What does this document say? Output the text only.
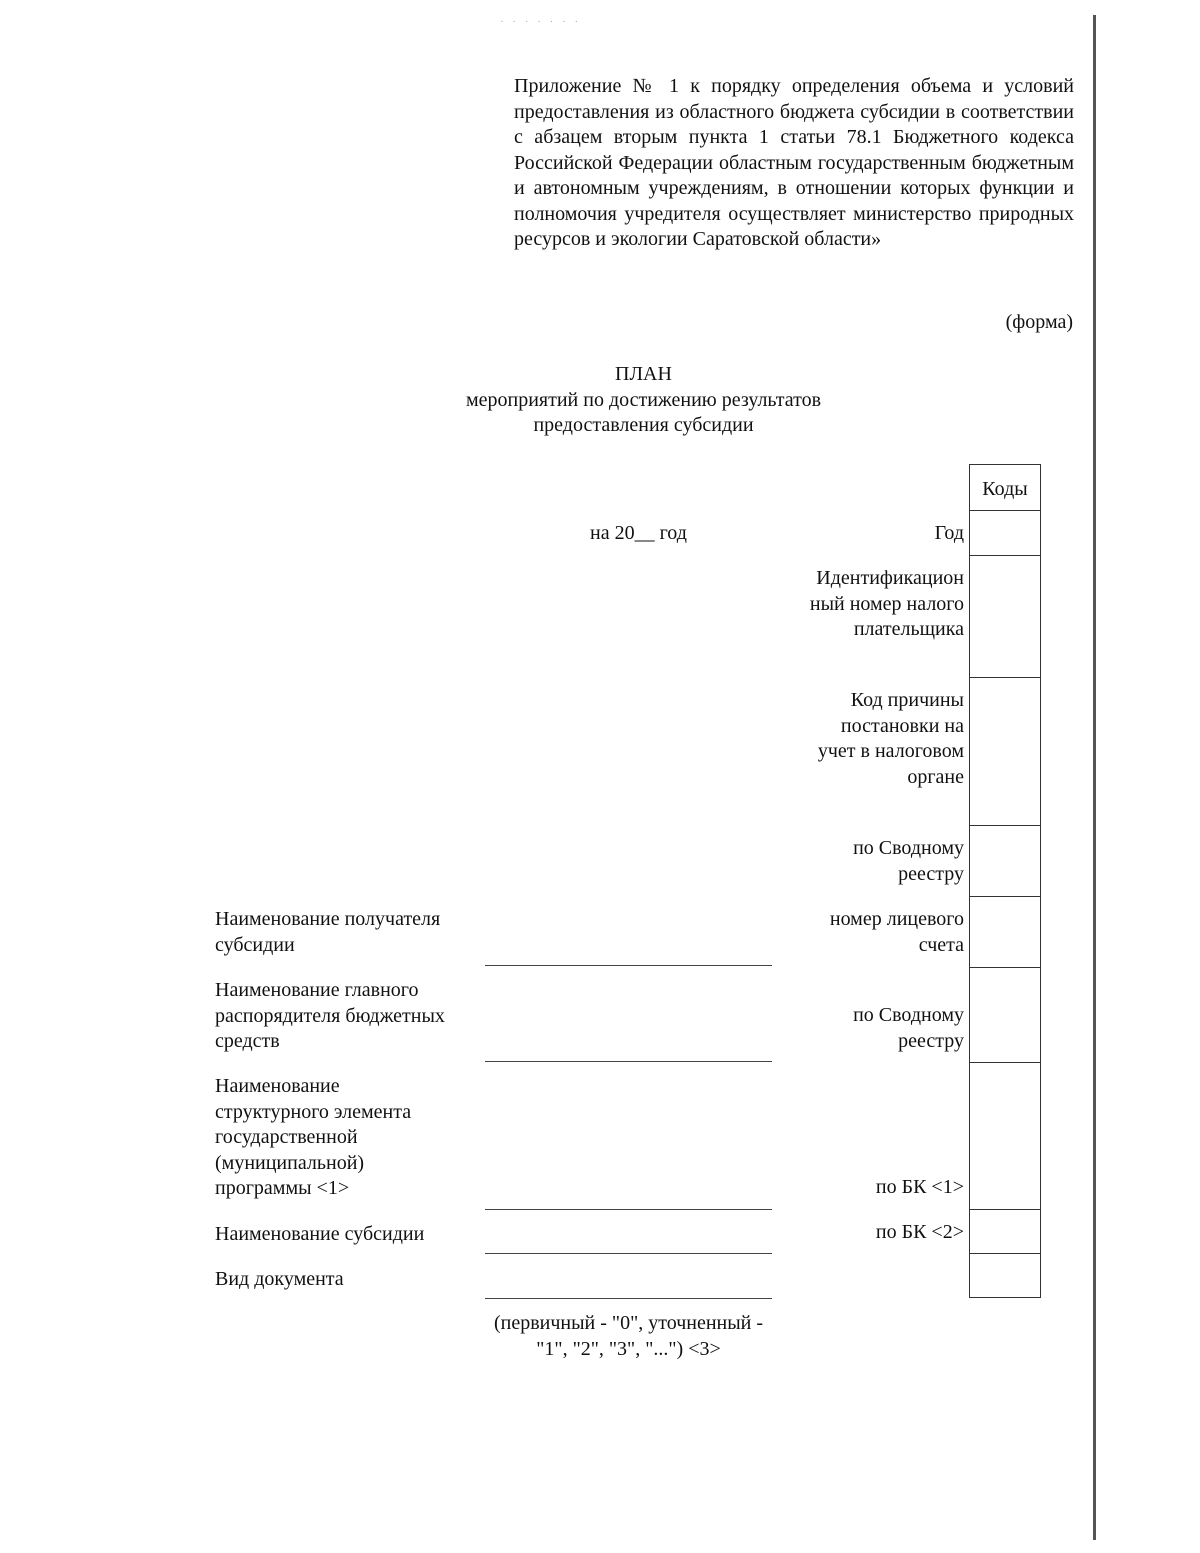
· · · · · · ·
Приложение № 1 к порядку определения объема и условий предоставления из областного бюджета субсидии в соответствии с абзацем вторым пункта 1 статьи 78.1 Бюджетного кодекса Российской Федерации областным государственным бюджетным и автономным учреждениям, в отношении которых функции и полномочия учредителя осуществляет министерство природных ресурсов и экологии Саратовской области»
(форма)
ПЛАН
мероприятий по достижению результатов
предоставления субсидии
на 20__ год
Коды
Год
Идентификационный номер налогоплательщика
Код причины постановки на учет в налоговом органе
по Сводному реестру
номер лицевого счета
по Сводному реестру
по БК <1>
по БК <2>
Наименование получателя субсидии
Наименование главного распорядителя бюджетных средств
Наименование структурного элемента государственной (муниципальной) программы <1>
Наименование субсидии
Вид документа
(первичный - "0", уточненный - "1", "2", "3", "...") <3>
